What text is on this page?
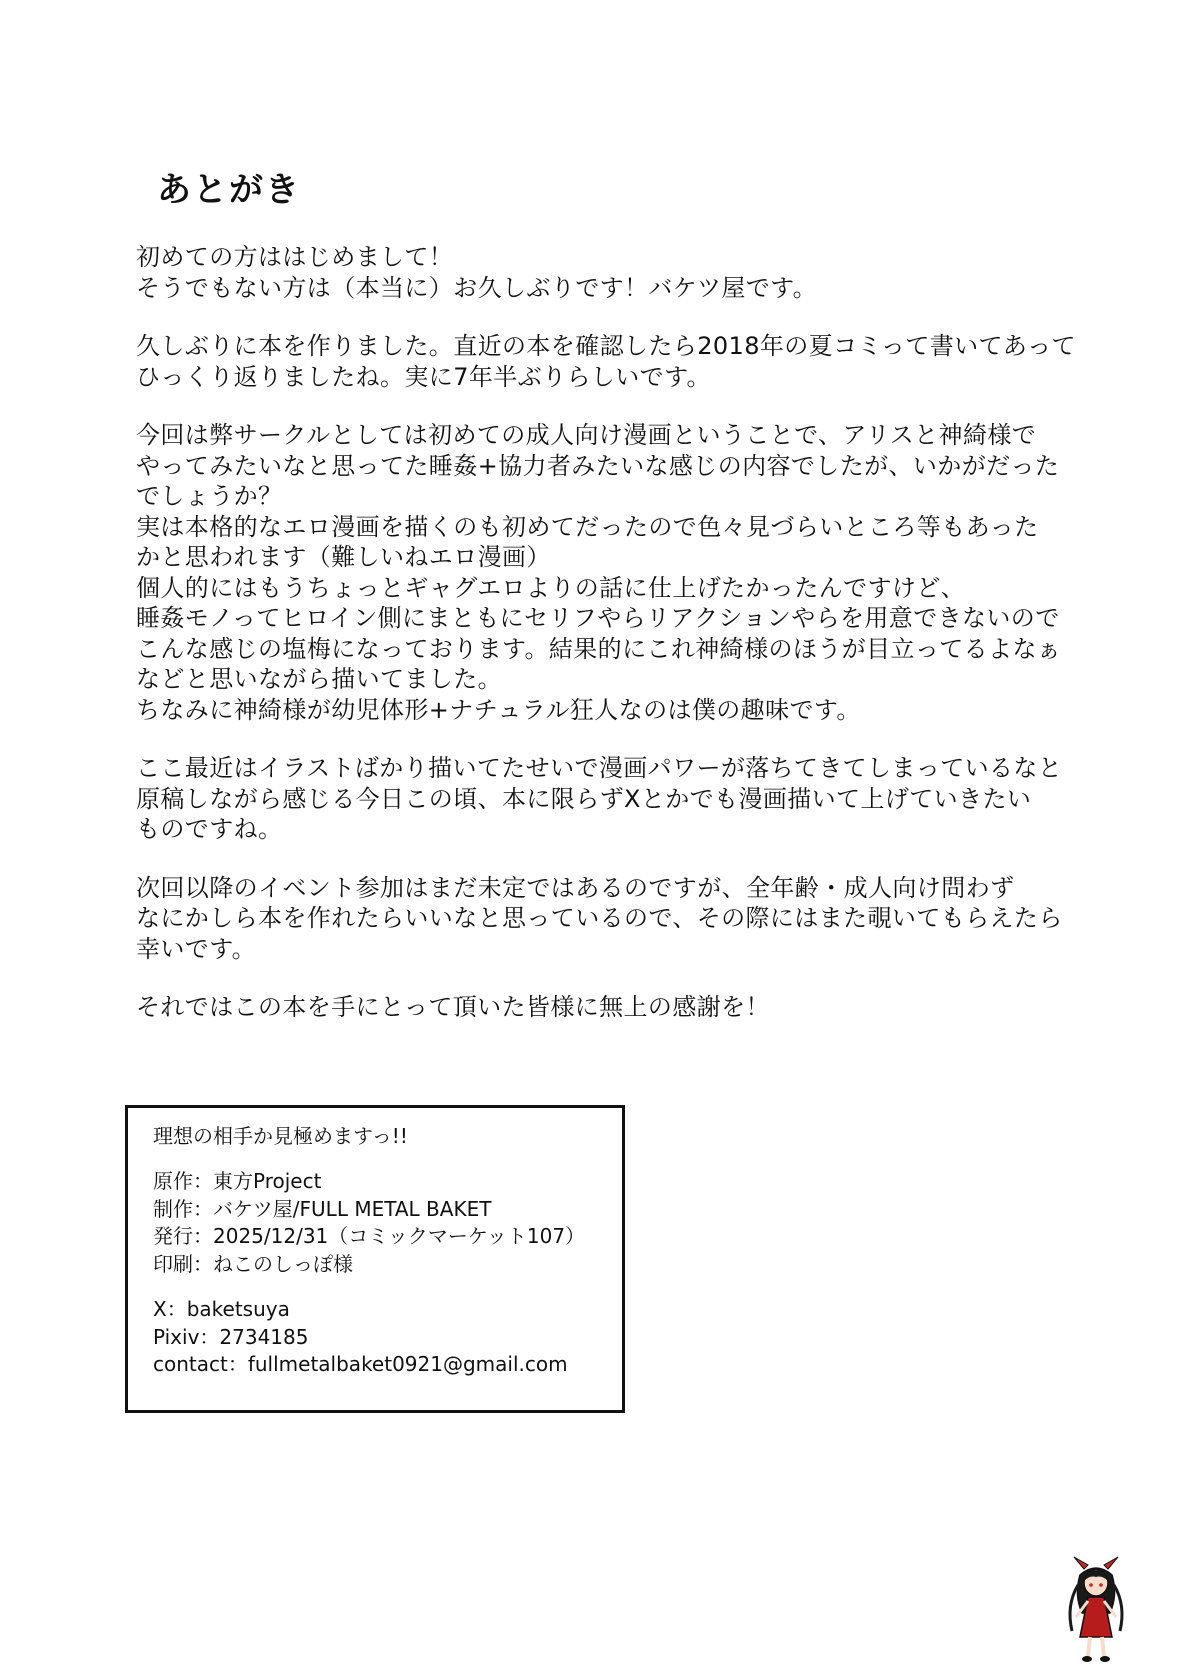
あとがき
初めての方ははじめまして！
そうでもない方は（本当に）お久しぶりです！バケツ屋です。
久しぶりに本を作りました。直近の本を確認したら2018年の夏コミって書いてあって
ひっくり返りましたね。実に7年半ぶりらしいです。
今回は弊サークルとしては初めての成人向け漫画ということで、アリスと神綺様で
やってみたいなと思ってた睡姦+協力者みたいな感じの内容でしたが、いかがだった
でしょうか？
実は本格的なエロ漫画を描くのも初めてだったので色々見づらいところ等もあった
かと思われます（難しいねエロ漫画）
個人的にはもうちょっとギャグエロよりの話に仕上げたかったんですけど、
睡姦モノってヒロイン側にまともにセリフやらリアクションやらを用意できないので
こんな感じの塩梅になっております。結果的にこれ神綺様のほうが目立ってるよなぁ
などと思いながら描いてました。
ちなみに神綺様が幼児体形+ナチュラル狂人なのは僕の趣味です。
ここ最近はイラストばかり描いてたせいで漫画パワーが落ちてきてしまっているなと
原稿しながら感じる今日この頃、本に限らずXとかでも漫画描いて上げていきたい
ものですね。
次回以降のイベント参加はまだ未定ではあるのですが、全年齢・成人向け問わず
なにかしら本を作れたらいいなと思っているので、その際にはまた覗いてもらえたら
幸いです。
それではこの本を手にとって頂いた皆様に無上の感謝を！
理想の相手か見極めますっ!!
原作：東方Project
制作：バケツ屋/FULL METAL BAKET
発行：2025/12/31（コミックマーケット107）
印刷：ねこのしっぽ様
X：baketsuya
Pixiv：2734185
contact：fullmetalbaket0921@gmail.com
